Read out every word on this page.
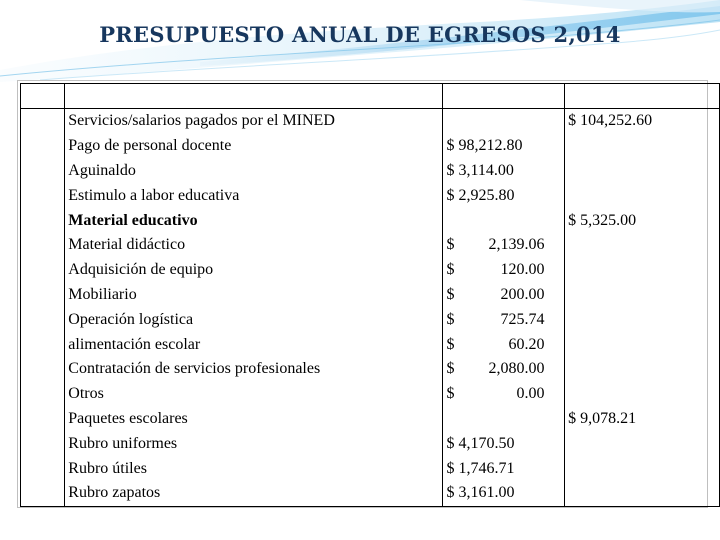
PRESUPUESTO ANUAL DE EGRESOS 2,014

	Servicios/salarios pagados por el MINED		$ 104,252.60
	Pago de personal docente	$ 98,212.80	
	Aguinaldo	$ 3,114.00	
	Estimulo a labor educativa	$ 2,925.80	
	Material educativo		$ 5,325.00
	Material didáctico	$ 2,139.06	

	Adquisición de equipo	$ 120.00	

	Mobiliario	$ 200.00	

	Operación logística	$ 725.74	

	alimentación escolar	$ 60.20	

	Contratación de servicios profesionales	$ 2,080.00	

	Otros	$ 0.00	

	Paquetes escolares		$ 9,078.21
	Rubro uniformes	$ 4,170.50	
	Rubro útiles	$ 1,746.71	
	Rubro zapatos	$ 3,161.00	
